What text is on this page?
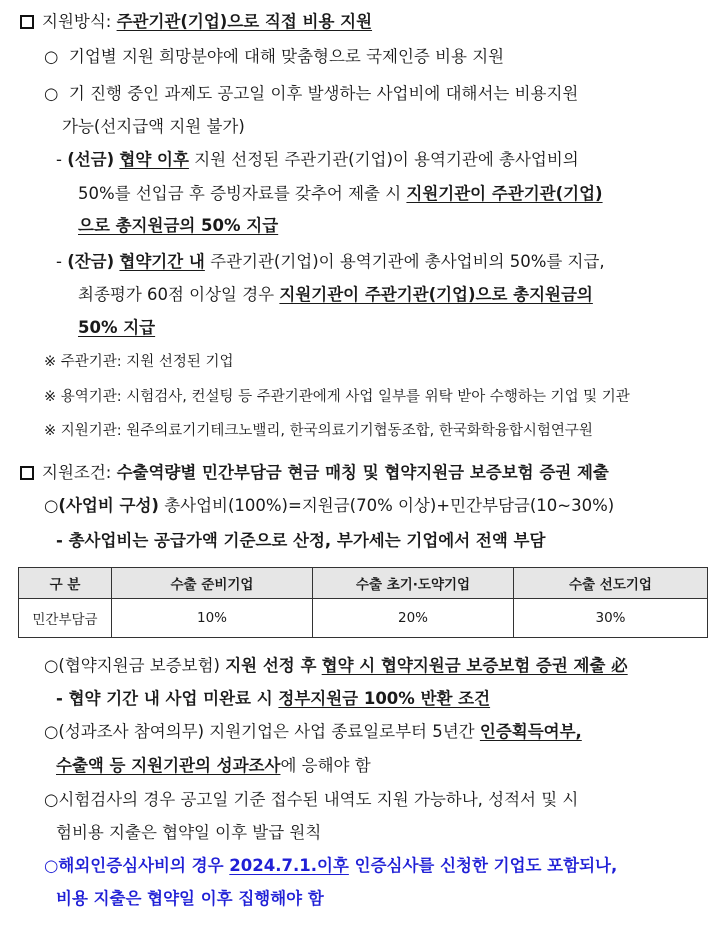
지원방식: 주관기관(기업)으로 직접 비용 지원
○ 기업별 지원 희망분야에 대해 맞춤형으로 국제인증 비용 지원
○ 기 진행 중인 과제도 공고일 이후 발생하는 사업비에 대해서는 비용지원
가능(선지급액 지원 불가)
- (선금) 협약 이후 지원 선정된 주관기관(기업)이 용역기관에 총사업비의
50%를 선입금 후 증빙자료를 갖추어 제출 시 지원기관이 주관기관(기업)
으로 총지원금의 50% 지급
- (잔금) 협약기간 내 주관기관(기업)이 용역기관에 총사업비의 50%를 지급,
최종평가 60점 이상일 경우 지원기관이 주관기관(기업)으로 총지원금의
50% 지급
※ 주관기관: 지원 선정된 기업
※ 용역기관: 시험검사, 컨설팅 등 주관기관에게 사업 일부를 위탁 받아 수행하는 기업 및 기관
※ 지원기관: 원주의료기기테크노밸리, 한국의료기기협동조합, 한국화학융합시험연구원
지원조건: 수출역량별 민간부담금 현금 매칭 및 협약지원금 보증보험 증권 제출
○(사업비 구성) 총사업비(100%)=지원금(70% 이상)+민간부담금(10~30%)
- 총사업비는 공급가액 기준으로 산정, 부가세는 기업에서 전액 부담
구 분	수출 준비기업	수출 초기·도약기업	수출 선도기업
민간부담금	10%	20%	30%
○(협약지원금 보증보험) 지원 선정 후 협약 시 협약지원금 보증보험 증권 제출 必
- 협약 기간 내 사업 미완료 시 정부지원금 100% 반환 조건
○(성과조사 참여의무) 지원기업은 사업 종료일로부터 5년간 인증획득여부,
수출액 등 지원기관의 성과조사에 응해야 함
○시험검사의 경우 공고일 기준 접수된 내역도 지원 가능하나, 성적서 및 시
험비용 지출은 협약일 이후 발급 원칙
○해외인증심사비의 경우 2024.7.1.이후 인증심사를 신청한 기업도 포함되나,
비용 지출은 협약일 이후 집행해야 함
